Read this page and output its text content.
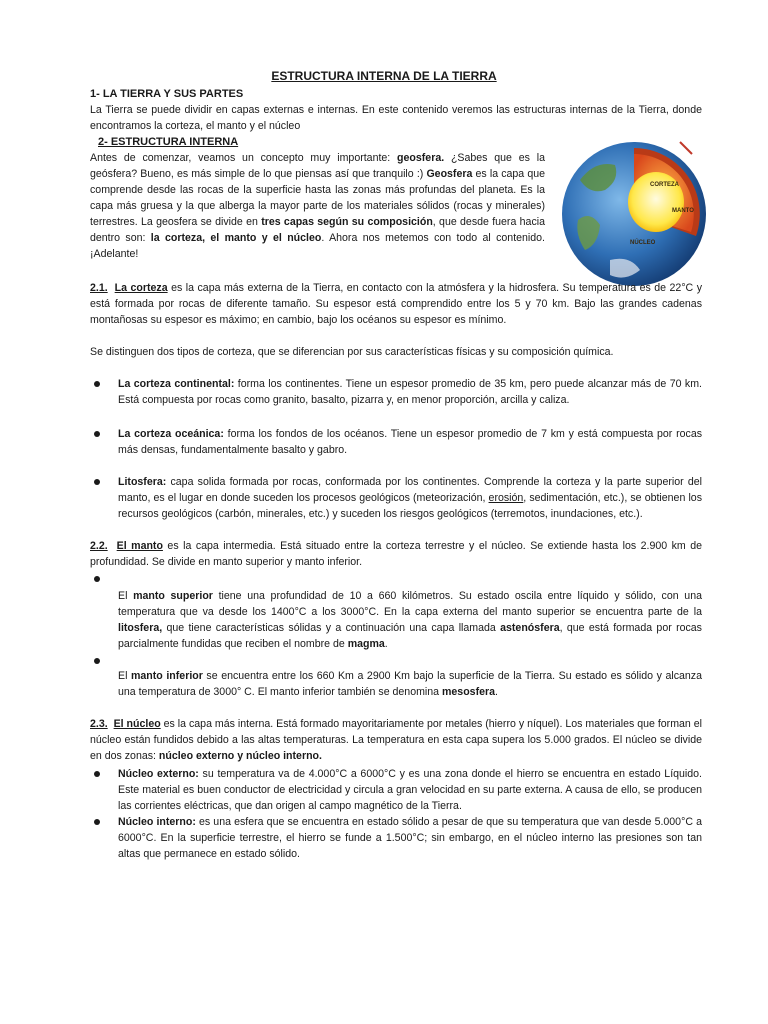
ESTRUCTURA INTERNA DE LA TIERRA
1- LA TIERRA Y SUS PARTES
La Tierra se puede dividir en capas externas e internas. En este contenido veremos las estructuras internas de la Tierra, donde encontramos la corteza, el manto y el núcleo
2- ESTRUCTURA INTERNA
Antes de comenzar, veamos un concepto muy importante: geosfera. ¿Sabes que es la geósfera? Bueno, es más simple de lo que piensas así que tranquilo :) Geosfera es la capa que comprende desde las rocas de la superficie hasta las zonas más profundas del planeta. Es la capa más gruesa y la que alberga la mayor parte de los materiales sólidos (rocas y minerales) terrestres. La geosfera se divide en tres capas según su composición, que desde fuera hacia dentro son: la corteza, el manto y el núcleo. Ahora nos metemos con todo al contenido. ¡Adelante!
CORTEZA
MANTO
NÚCLEO
2.1. La corteza es la capa más externa de la Tierra, en contacto con la atmósfera y la hidrosfera. Su temperatura es de 22°C y está formada por rocas de diferente tamaño. Su espesor está comprendido entre los 5 y 70 km. Bajo las grandes cadenas montañosas su espesor es máximo; en cambio, bajo los océanos su espesor es mínimo.
Se distinguen dos tipos de corteza, que se diferencian por sus características físicas y su composición química.
La corteza continental: forma los continentes. Tiene un espesor promedio de 35 km, pero puede alcanzar más de 70 km. Está compuesta por rocas como granito, basalto, pizarra y, en menor proporción, arcilla y caliza.
La corteza oceánica: forma los fondos de los océanos. Tiene un espesor promedio de 7 km y está compuesta por rocas más densas, fundamentalmente basalto y gabro.
Litosfera: capa solida formada por rocas, conformada por los continentes. Comprende la corteza y la parte superior del manto, es el lugar en donde suceden los procesos geológicos (meteorización, erosión, sedimentación, etc.), se obtienen los recursos geológicos (carbón, minerales, etc.) y suceden los riesgos geológicos (terremotos, inundaciones, etc.).
2.2. El manto es la capa intermedia. Está situado entre la corteza terrestre y el núcleo. Se extiende hasta los 2.900 km de profundidad. Se divide en manto superior y manto inferior.
El manto superior tiene una profundidad de 10 a 660 kilómetros. Su estado oscila entre líquido y sólido, con una temperatura que va desde los 1400°C a los 3000°C. En la capa externa del manto superior se encuentra parte de la litosfera, que tiene características sólidas y a continuación una capa llamada astenósfera, que está formada por rocas parcialmente fundidas que reciben el nombre de magma.
El manto inferior se encuentra entre los 660 Km a 2900 Km bajo la superficie de la Tierra. Su estado es sólido y alcanza una temperatura de 3000° C. El manto inferior también se denomina mesosfera.
2.3. El núcleo es la capa más interna. Está formado mayoritariamente por metales (hierro y níquel). Los materiales que forman el núcleo están fundidos debido a las altas temperaturas. La temperatura en esta capa supera los 5.000 grados. El núcleo se divide en dos zonas: núcleo externo y núcleo interno.
Núcleo externo: su temperatura va de 4.000°C a 6000°C y es una zona donde el hierro se encuentra en estado Líquido. Este material es buen conductor de electricidad y circula a gran velocidad en su parte externa. A causa de ello, se producen las corrientes eléctricas, que dan origen al campo magnético de la Tierra.
Núcleo interno: es una esfera que se encuentra en estado sólido a pesar de que su temperatura que van desde 5.000°C a 6000°C. En la superficie terrestre, el hierro se funde a 1.500°C; sin embargo, en el núcleo interno las presiones son tan altas que permanece en estado sólido.
